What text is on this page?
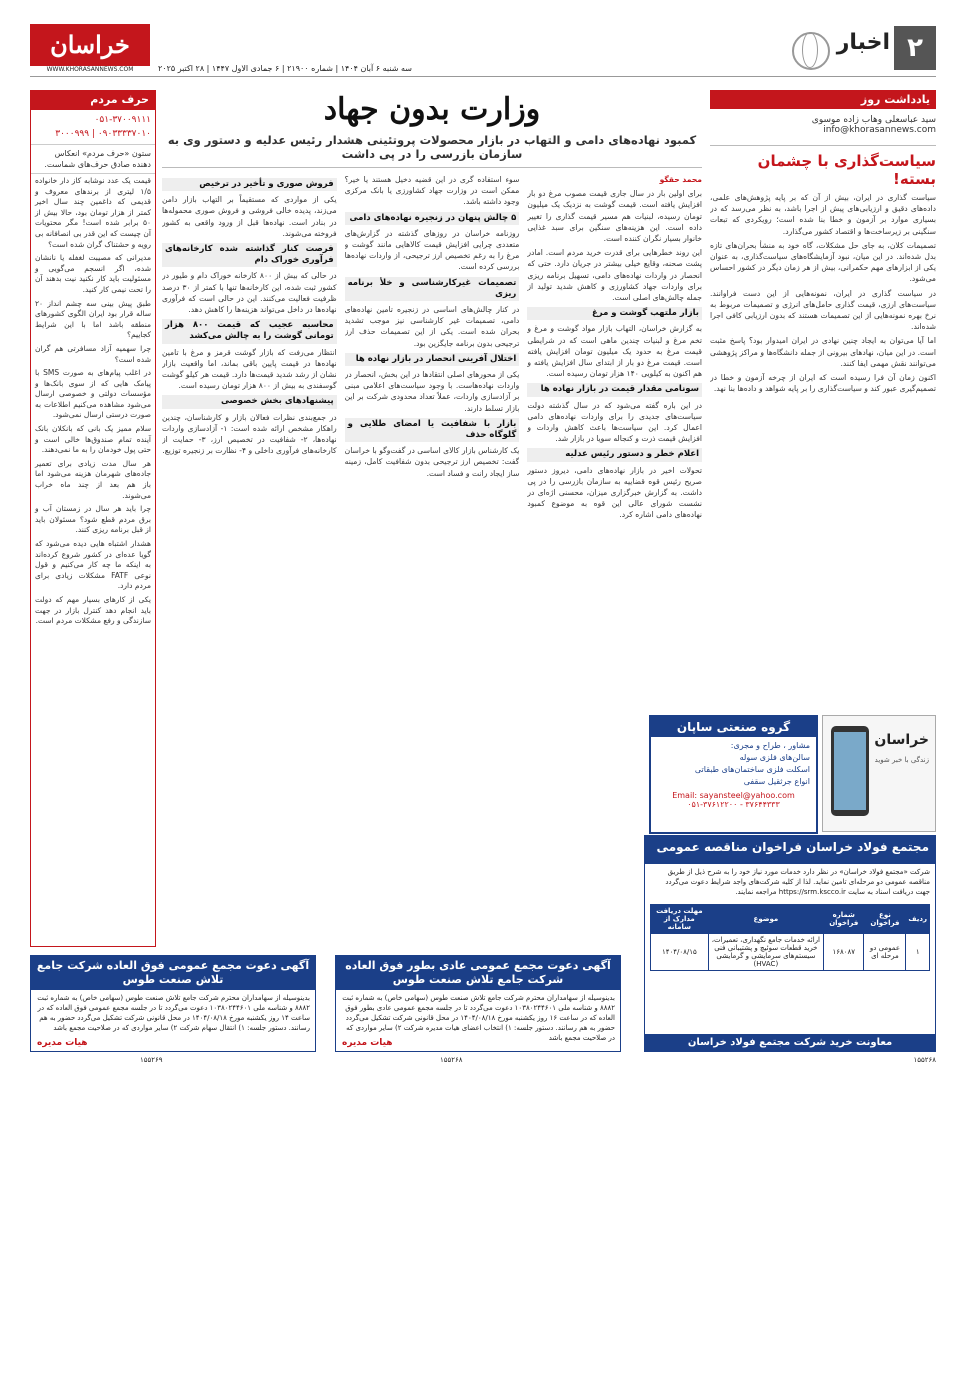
۲
اخبار
خراسان
WWW.KHORASANNEWS.COM	سه شنبه ۶ آبان ۱۴۰۴ | شماره ۲۱۹۰۰ | ۶ جمادی الاول ۱۴۴۷ | ۲۸ اکتبر ۲۰۲۵
حرف مردم
۰۵۱-۳۷۰۰۹۱۱۱
۳۰۰۰۹۹۹ | ۰۹۰۳۳۳۳۷۰۱۰
ستون «حرف مردم» انعکاس دهنده صادق حرف‌های شماست.

قیمت یک عدد نوشابه کاز دار خانواده ۱/۵ لیتری از برندهای معروف و قدیمی که داغمین چند سال اخیر کمتر از هزار تومان بود، حالا بیش از ۵۰ برابر شده است! مگر محتویات آن چیست که این قدر بی انصافانه بی رویه و حشتناک گران شده است؟

مدیرانی که مصیبت لغفله یا نانشان شده، اگر انسجم‌ می‌گویی و مسئولیت باید کار نکنید نیت بدهند آن را تحت نیمی کار کنید.

طبق پیش بینی سه چشم انداز ۲۰ ساله قرار بود ایران الگوی کشورهای منطقه باشد اما با این شرایط کجاییم؟

چرا سهمیه آزاد مسافرتی هم گران شده است؟

در اغلب پیام‌های به صورت SMS با پیامک هایی که از سوی بانک‌ها و مؤسسات دولتی و خصوصی ارسال می‌شود مشاهده می‌کنیم اطلاعات به صورت درستی ارسال نمی‌شود.

سلام ممیز یک بانی که بانکلان بانک آینده تمام صندوق‌ها خالی است و حتی پول خودمان را به ما نمی‌دهند.

هر سال مدت زیادی برای تعمیر جاده‌های شهرمان هزینه می‌شود اما باز هم بعد از چند ماه خراب می‌شوند.

چرا باید هر سال در زمستان آب و برق مردم قطع شود؟ مسئولان باید از قبل برنامه ریزی کنند.

هشدار اشتباه هایی دیده می‌شود که گویا عده‌ای در کشور شروع کرده‌اند به اینکه ما چه کار می‌کنیم و قول نوعی FATF مشکلات زیادی برای مردم دارد.

یکی از کارهای بسیار مهم که دولت باید انجام دهد کنترل بازار در جهت سازندگی و رفع مشکلات مردم است.

وزارت بدون جهاد
کمبود نهاده‌های دامی و التهاب در بازار محصولات پروتئینی هشدار رئیس عدلیه و دستور وی به سازمان بازرسی را در پی داشت

محمد حقگو

برای اولین بار در سال جاری قیمت مصوب مرغ دو بار افزایش یافته است. قیمت گوشت به نزدیک یک میلیون تومان رسیده، لبنیات هم مسیر قیمت گذاری را تغییر داده است. این هزینه‌های سنگین برای سبد غذایی خانوار بسیار نگران کننده است.

این روند خطرهایی برای قدرت خرید مردم است. امادر پشت صحنه، وقایع خیلی بیشتر در جریان دارد. حتی که انحصار در واردات نهاده‌های دامی، تسهیل برنامه ریزی برای واردات جهاد کشاورزی و کاهش شدید تولید از جمله چالش‌های اصلی است.

بازار ملتهب گوشت و مرغ

به گزارش خراسان، التهاب بازار مواد گوشت و مرغ و تخم مرغ و لبنیات چندین ماهی است که در شرایطی قیمت مرغ به حدود یک میلیون تومان افزایش یافته است. قیمت مرغ دو بار از ابتدای سال افزایش یافته و هم اکنون به کیلویی ۱۴۰ هزار تومان رسیده است.

سونامی مقدار قیمت در بازار نهاده ها

در این باره گفته می‌شود که در سال گذشته دولت سیاست‌های جدیدی را برای واردات نهاده‌های دامی اعمال کرد. این سیاست‌ها باعث کاهش واردات و افزایش قیمت ذرت و کنجاله سویا در بازار شد.

اعلام خطر و دستور رئیس عدلیه

تحولات اخیر در بازار نهاده‌های دامی، دیروز دستور صریح رئیس قوه قضاییه به سازمان بازرسی را در پی داشت. به گزارش خبرگزاری میزان، محسنی اژه‌ای در نشست شورای عالی این قوه به موضوع کمبود نهاده‌های دامی اشاره کرد.

سوء استفاده گری در این قضیه دخیل هستند یا خیر؟ ممکن است در وزارت جهاد کشاورزی یا بانک مرکزی وجود داشته باشد.

۵ چالش پنهان در زنجیره نهاده‌های دامی

روزنامه خراسان در روزهای گذشته در گزارش‌های متعددی چرایی افزایش قیمت کالاهایی مانند گوشت و مرغ را به رغم تخصیص ارز ترجیحی، از واردات نهاده‌ها بررسی کرده است.

تصمیمات غیرکارشناسی و خلأ برنامه ریزی

در کنار چالش‌های اساسی در زنجیره تامین نهاده‌های دامی، تصمیمات غیر کارشناسی نیز موجب تشدید بحران شده است. یکی از این تصمیمات حذف ارز ترجیحی بدون برنامه جایگزین بود.

اختلال آفرینی انحصار در بازار نهاده ها

یکی از محورهای اصلی انتقادها در این بخش، انحصار در واردات نهاده‌هاست. با وجود سیاست‌های اعلامی مبنی بر آزادسازی واردات، عملاً تعداد محدودی شرکت بر این بازار تسلط دارند.

بازار با شفافیت یا امضای طلایی و گلوگاه حذف

یک کارشناس بازار کالای اساسی در گفت‌وگو با خراسان گفت: تخصیص ارز ترجیحی بدون شفافیت کامل، زمینه ساز ایجاد رانت و فساد است.

فروش صوری و تأخیر در ترخیص

یکی از مواردی که مستقیماً بر التهاب بازار دامن می‌زند، پدیده خالی فروشی و فروش صوری محموله‌ها در بنادر است. نهاده‌ها قبل از ورود واقعی به کشور فروخته می‌شوند.

فرصت کنار گذاشته شده کارخانه‌های فرآوری خوراک دام

در حالی که بیش از ۸۰۰ کارخانه خوراک دام و طیور در کشور ثبت شده، این کارخانه‌ها تنها با کمتر از ۳۰ درصد ظرفیت فعالیت می‌کنند. این در حالی است که فرآوری نهاده‌ها در داخل می‌تواند هزینه‌ها را کاهش دهد.

محاسبه عجیب که قیمت ۸۰۰ هزار تومانی گوشت را به چالش می‌کشد

انتظار می‌رفت که بازار گوشت قرمز و مرغ با تامین نهاده‌ها در قیمت پایین باقی بماند، اما واقعیت بازار نشان از رشد شدید قیمت‌ها دارد. قیمت هر کیلو گوشت گوسفندی به بیش از ۸۰۰ هزار تومان رسیده است.

پیشنهادهای بخش خصوصی

در جمع‌بندی نظرات فعالان بازار و کارشناسان، چندین راهکار مشخص ارائه شده است: ۱- آزادسازی واردات نهاده‌ها، ۲- شفافیت در تخصیص ارز، ۳- حمایت از کارخانه‌های فرآوری داخلی و ۴- نظارت بر زنجیره توزیع.

یادداشت روز
سید عباسعلی وهاب زاده موسوی
info@khorasannews.com
سیاست‌گذاری با چشمان بسته!

سیاست گذاری در ایران، بیش از آن که بر پایه پژوهش‌های علمی، داده‌های دقیق و ارزیابی‌های پیش از اجرا باشد، به نظر می‌رسد که در بسیاری موارد بر آزمون و خطا بنا شده است؛ رویکردی که تبعات سنگینی بر زیرساخت‌ها و اقتصاد کشور می‌گذارد.

تصمیمات کلان، به جای حل مشکلات، گاه خود به منشأ بحران‌های تازه بدل شده‌اند. در این میان، نبود آزمایشگاه‌های سیاست‌گذاری، به عنوان یکی از ابزارهای مهم حکمرانی، بیش از هر زمان دیگر در کشور احساس می‌شود.

در سیاست گذاری در ایران، نمونه‌هایی از این دست فراوانند. سیاست‌های ارزی، قیمت گذاری حامل‌های انرژی و تصمیمات مربوط به نرخ بهره نمونه‌هایی از این تصمیمات هستند که بدون ارزیابی کافی اجرا شده‌اند.

اما آیا می‌توان به ایجاد چنین نهادی در ایران امیدوار بود؟ پاسخ مثبت است. در این میان، نهادهای بیرونی از جمله دانشگاه‌ها و مراکز پژوهشی می‌توانند نقش مهمی ایفا کنند.

اکنون زمان آن فرا رسیده است که ایران از چرخه آزمون و خطا در تصمیم‌گیری عبور کند و سیاست‌گذاری را بر پایه شواهد و داده‌ها بنا نهد.

خراسان
زندگی با خبر شوید
گروه صنعتی ساپان
مشاور ، طراح و مجری:
سالن‌های فلزی سوله
اسکلت فلزی ساختمان‌های طبقاتی
انواع جرثقیل سقفی
Email: sayansteel@yahoo.com
۰۵۱-۳۷۶۱۲۲۰۰ - ۳۷۶۴۴۳۳۳
مجتمع فولاد خراسان فراخوان مناقصه عمومی
شرکت «مجتمع فولاد خراسان» در نظر دارد خدمات مورد نیاز خود را به شرح ذیل از طریق مناقصه عمومی دو مرحله‌ای تامین نماید. لذا از کلیه شرکت‌های واجد شرایط دعوت می‌گردد جهت دریافت اسناد به سایت https://srm.kscco.ir مراجعه نمایند.
ردیف	نوع فراخوان	شماره فراخوان	موضوع	مهلت دریافت مدارک از سامانه
۱	عمومی دو مرحله ای	۱۶۸۰۸۷	ارائه خدمات جامع نگهداری، تعمیرات، خرید قطعات سوئیچ و پشتیبانی فنی سیستم‌های سرمایشی و گرمایشی (HVAC)	۱۴۰۴/۰۸/۱۵
معاونت خرید شرکت مجتمع فولاد خراسان
۱۵۵۲۶۸
آگهی دعوت مجمع عمومی عادی بطور فوق العاده شرکت جامع تلاش صنعت طوس
بدینوسیله از سهامداران محترم شرکت جامع تلاش صنعت طوس (سهامی خاص) به شماره ثبت ۸۸۸۲ و شناسه ملی ۱۰۳۸۰۲۴۴۶۰۱ دعوت می‌گردد تا در جلسه مجمع عمومی عادی بطور فوق العاده که در ساعت ۱۶ روز یکشنبه مورخ ۱۴۰۴/۰۸/۱۸ در محل قانونی شرکت تشکیل می‌گردد حضور به هم رسانند. دستور جلسه: ۱) انتخاب اعضای هیات مدیره شرکت ۲) سایر مواردی که در صلاحیت مجمع باشد
هیات مدیره
۱۵۵۲۶۸
آگهی دعوت مجمع عمومی فوق العاده شرکت جامع تلاش صنعت طوس
بدینوسیله از سهامداران محترم شرکت جامع تلاش صنعت طوس (سهامی خاص) به شماره ثبت ۸۸۸۲ و شناسه ملی ۱۰۳۸۰۲۴۴۶۰۱ دعوت می‌گردد تا در جلسه مجمع عمومی فوق العاده که در ساعت ۱۴ روز یکشنبه مورخ ۱۴۰۴/۰۸/۱۸ در محل قانونی شرکت تشکیل می‌گردد حضور به هم رسانند. دستور جلسه: ۱) انتقال سهام شرکت ۲) سایر مواردی که در صلاحیت مجمع باشد
هیات مدیره
۱۵۵۲۶۹
